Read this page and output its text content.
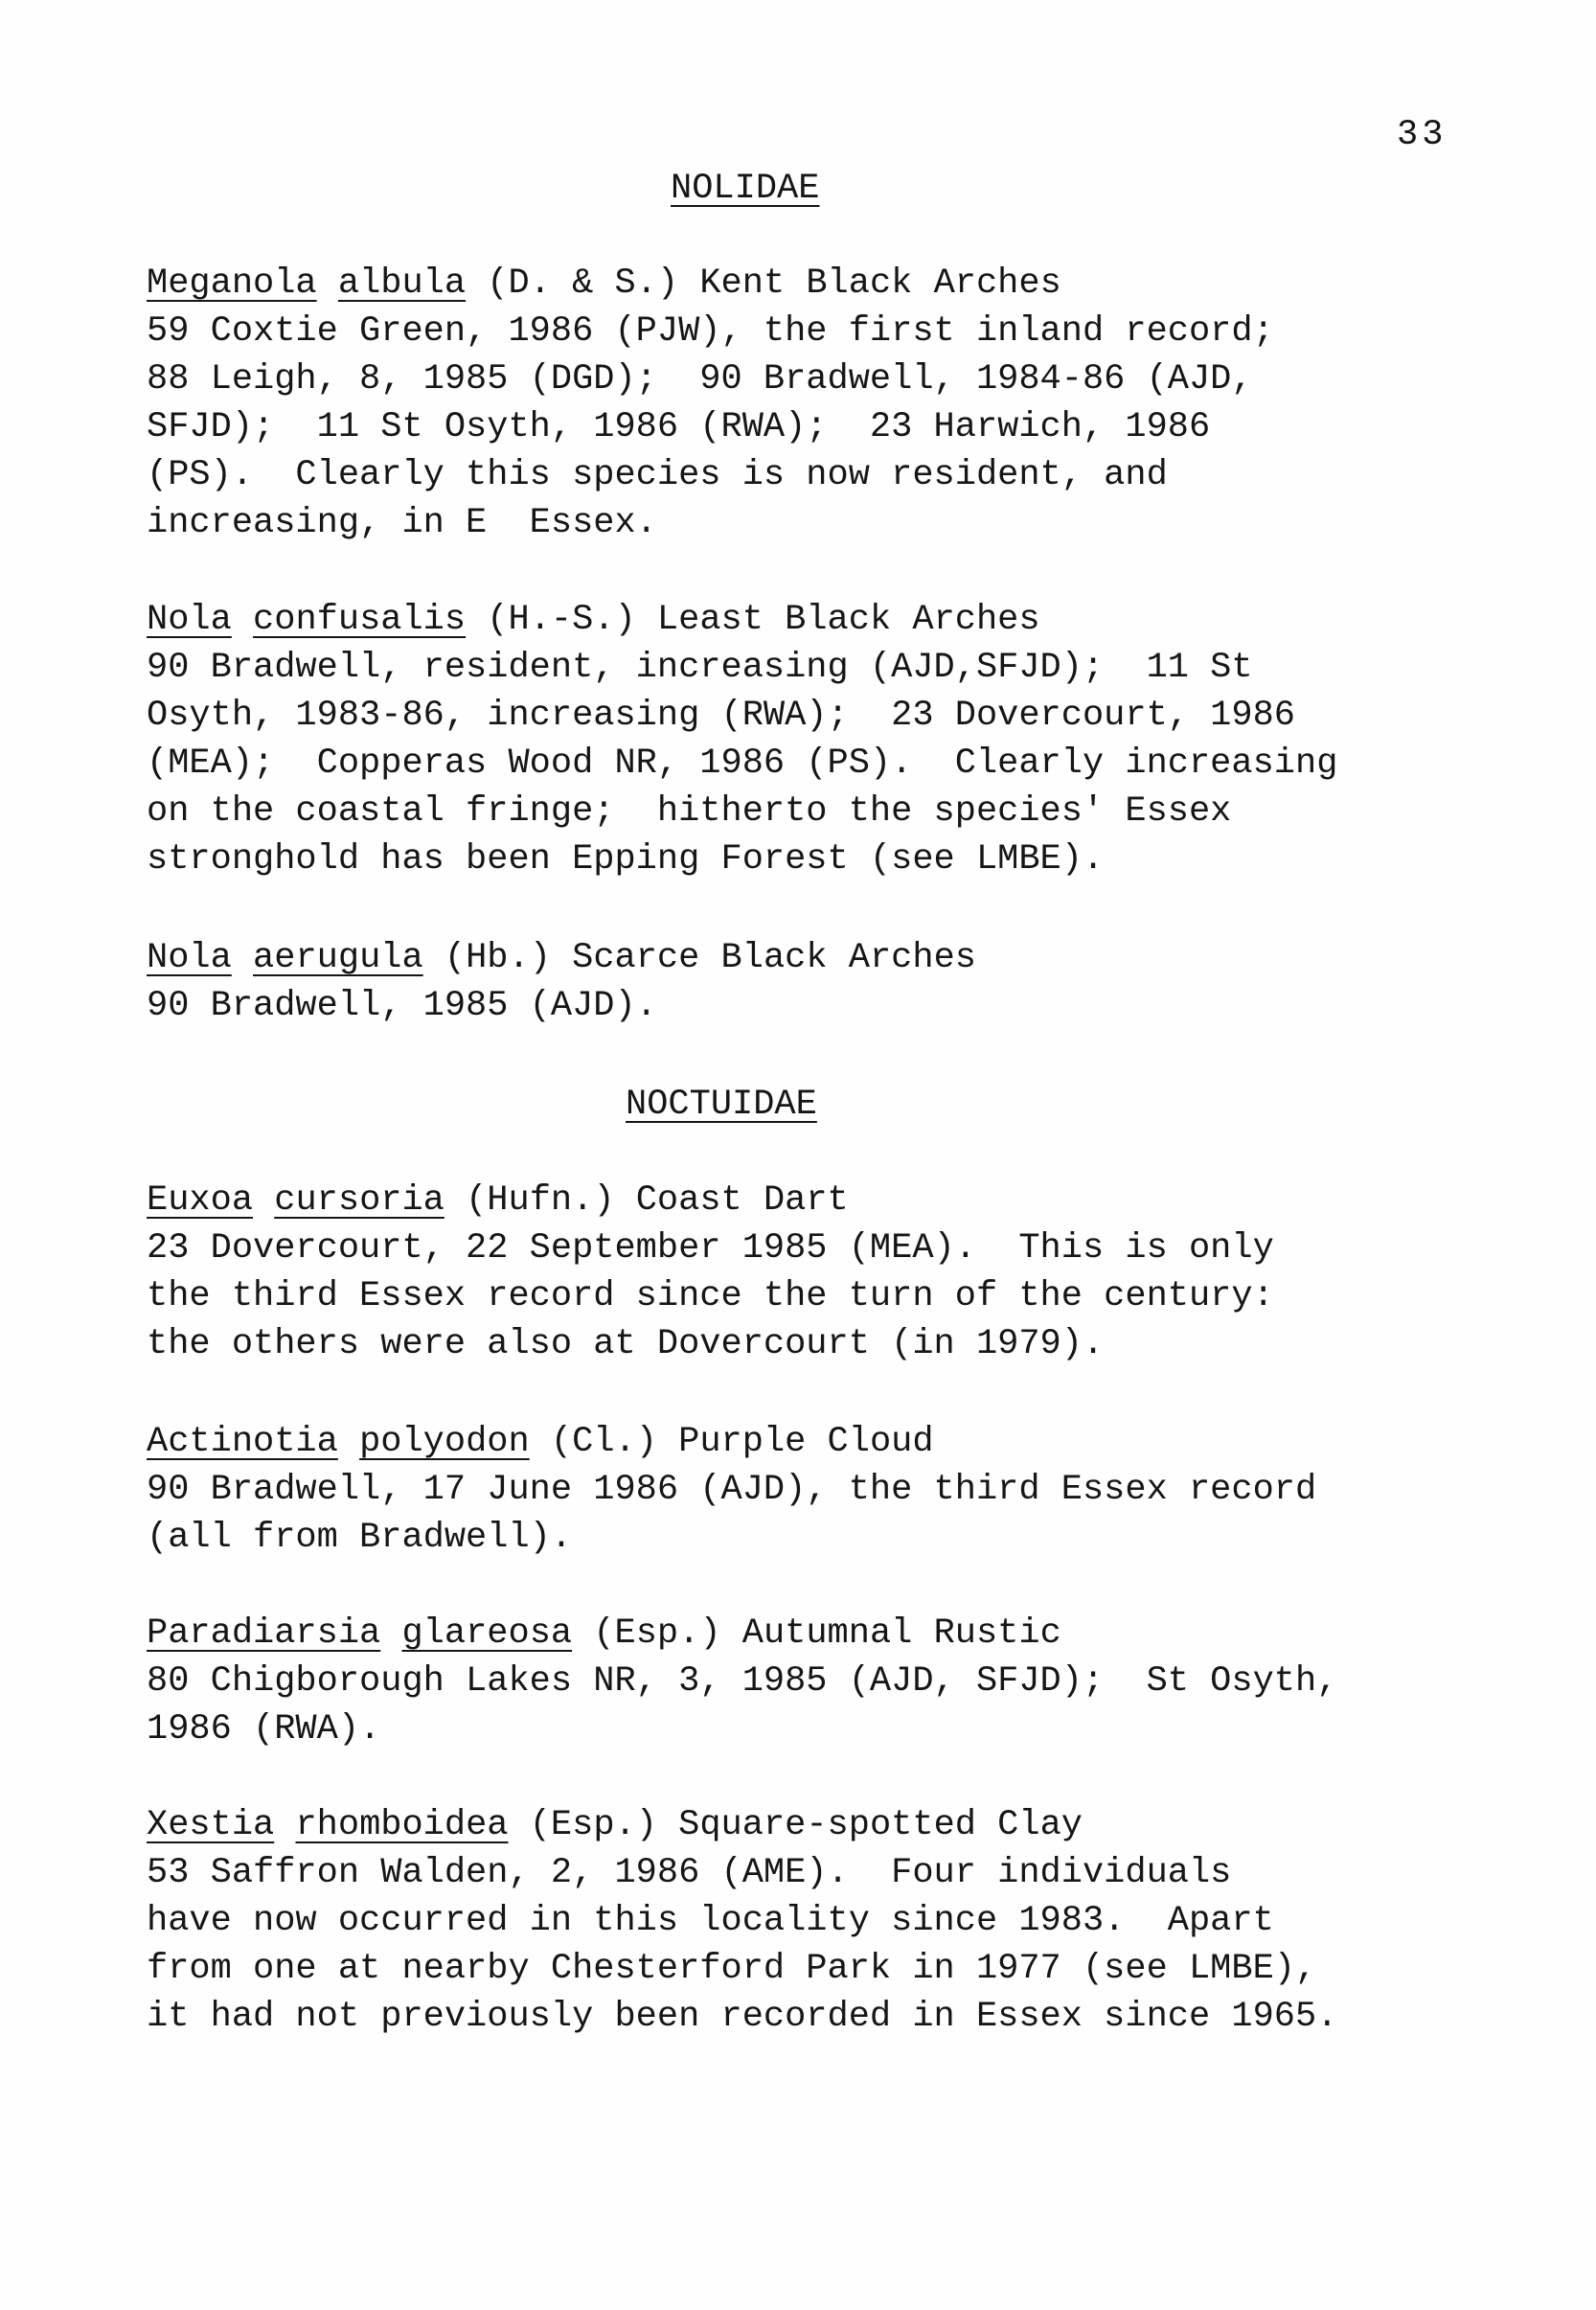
33
NOLIDAE
Meganola albula (D. & S.) Kent Black Arches
59 Coxtie Green, 1986 (PJW), the first inland record;
88 Leigh, 8, 1985 (DGD);  90 Bradwell, 1984-86 (AJD,
SFJD);  11 St Osyth, 1986 (RWA);  23 Harwich, 1986
(PS).  Clearly this species is now resident, and
increasing, in E  Essex.
Nola confusalis (H.-S.) Least Black Arches
90 Bradwell, resident, increasing (AJD,SFJD);  11 St
Osyth, 1983-86, increasing (RWA);  23 Dovercourt, 1986
(MEA);  Copperas Wood NR, 1986 (PS).  Clearly increasing
on the coastal fringe;  hitherto the species' Essex
stronghold has been Epping Forest (see LMBE).
Nola aerugula (Hb.) Scarce Black Arches
90 Bradwell, 1985 (AJD).
NOCTUIDAE
Euxoa cursoria (Hufn.) Coast Dart
23 Dovercourt, 22 September 1985 (MEA).  This is only
the third Essex record since the turn of the century:
the others were also at Dovercourt (in 1979).
Actinotia polyodon (Cl.) Purple Cloud
90 Bradwell, 17 June 1986 (AJD), the third Essex record
(all from Bradwell).
Paradiarsia glareosa (Esp.) Autumnal Rustic
80 Chigborough Lakes NR, 3, 1985 (AJD, SFJD);  St Osyth,
1986 (RWA).
Xestia rhomboidea (Esp.) Square-spotted Clay
53 Saffron Walden, 2, 1986 (AME).  Four individuals
have now occurred in this locality since 1983.  Apart
from one at nearby Chesterford Park in 1977 (see LMBE),
it had not previously been recorded in Essex since 1965.
